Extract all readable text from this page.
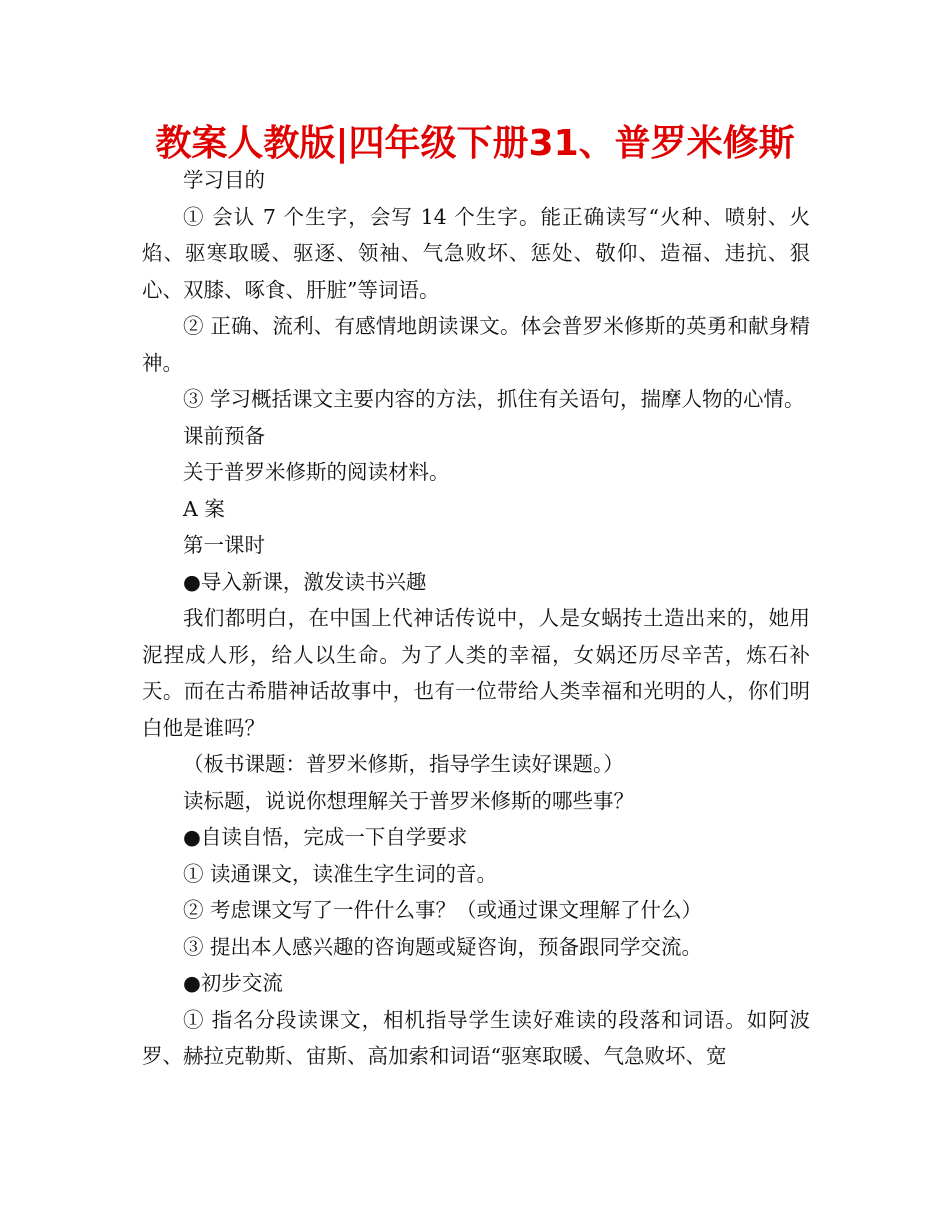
教案人教版|四年级下册31、普罗米修斯

学习目的

① 会认 7 个生字，会写 14 个生字。能正确读写“火种、喷射、火焰、驱寒取暖、驱逐、领袖、气急败坏、惩处、敬仰、造福、违抗、狠心、双膝、啄食、肝脏”等词语。

② 正确、流利、有感情地朗读课文。体会普罗米修斯的英勇和献身精神。

③ 学习概括课文主要内容的方法，抓住有关语句，揣摩人物的心情。

课前预备

关于普罗米修斯的阅读材料。

A 案

第一课时

●导入新课，激发读书兴趣

我们都明白，在中国上代神话传说中，人是女蜗抟土造出来的，她用泥捏成人形，给人以生命。为了人类的幸福，女娲还历尽辛苦，炼石补天。而在古希腊神话故事中，也有一位带给人类幸福和光明的人，你们明白他是谁吗？

（板书课题：普罗米修斯，指导学生读好课题。）

读标题，说说你想理解关于普罗米修斯的哪些事？

●自读自悟，完成一下自学要求

① 读通课文，读准生字生词的音。

② 考虑课文写了一件什么事？（或通过课文理解了什么）

③ 提出本人感兴趣的咨询题或疑咨询，预备跟同学交流。

●初步交流

① 指名分段读课文，相机指导学生读好难读的段落和词语。如阿波罗、赫拉克勒斯、宙斯、高加索和词语“驱寒取暖、气急败坏、宽
